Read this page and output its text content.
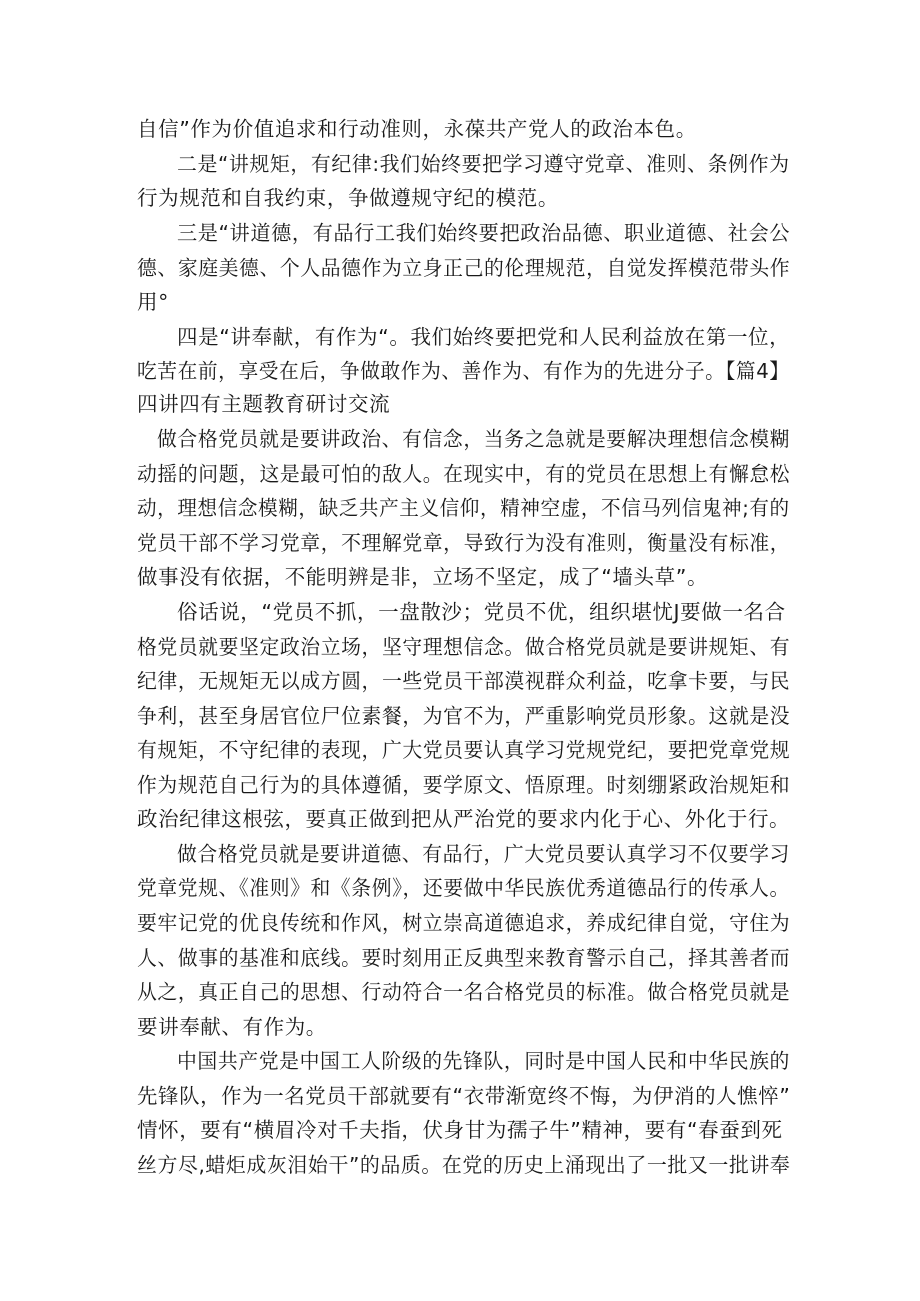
自信”作为价值追求和行动准则，永葆共产党人的政治本色。

二是“讲规矩，有纪律:我们始终要把学习遵守党章、准则、条例作为

行为规范和自我约束，争做遵规守纪的模范。

三是“讲道德，有品行工我们始终要把政治品德、职业道德、社会公

德、家庭美德、个人品德作为立身正己的伦理规范，自觉发挥模范带头作

用°

四是“讲奉献，有作为“。我们始终要把党和人民利益放在第一位，

吃苦在前，享受在后，争做敢作为、善作为、有作为的先进分子。【篇4】

四讲四有主题教育研讨交流

做合格党员就是要讲政治、有信念，当务之急就是要解决理想信念模糊

动摇的问题，这是最可怕的敌人。在现实中，有的党员在思想上有懈怠松

动，理想信念模糊，缺乏共产主义信仰，精神空虚，不信马列信鬼神;有的

党员干部不学习党章，不理解党章，导致行为没有准则，衡量没有标准，

做事没有依据，不能明辨是非，立场不坚定，成了“墙头草”。

俗话说，“党员不抓，一盘散沙；党员不优，组织堪忧J要做一名合

格党员就要坚定政治立场，坚守理想信念。做合格党员就是要讲规矩、有

纪律，无规矩无以成方圆，一些党员干部漠视群众利益，吃拿卡要，与民

争利，甚至身居官位尸位素餐，为官不为，严重影响党员形象。这就是没

有规矩，不守纪律的表现，广大党员要认真学习党规党纪，要把党章党规

作为规范自己行为的具体遵循，要学原文、悟原理。时刻绷紧政治规矩和

政治纪律这根弦，要真正做到把从严治党的要求内化于心、外化于行。

做合格党员就是要讲道德、有品行，广大党员要认真学习不仅要学习

党章党规、《准则》和《条例》，还要做中华民族优秀道德品行的传承人。

要牢记党的优良传统和作风，树立崇高道德追求，养成纪律自觉，守住为

人、做事的基准和底线。要时刻用正反典型来教育警示自己，择其善者而

从之，真正自己的思想、行动符合一名合格党员的标准。做合格党员就是

要讲奉献、有作为。

中国共产党是中国工人阶级的先锋队，同时是中国人民和中华民族的

先锋队，作为一名党员干部就要有“衣带渐宽终不悔，为伊消的人憔悴”

情怀，要有“横眉冷对千夫指，伏身甘为孺子牛”精神，要有“春蚕到死

丝方尽,蜡炬成灰泪始干”的品质。在党的历史上涌现出了一批又一批讲奉
